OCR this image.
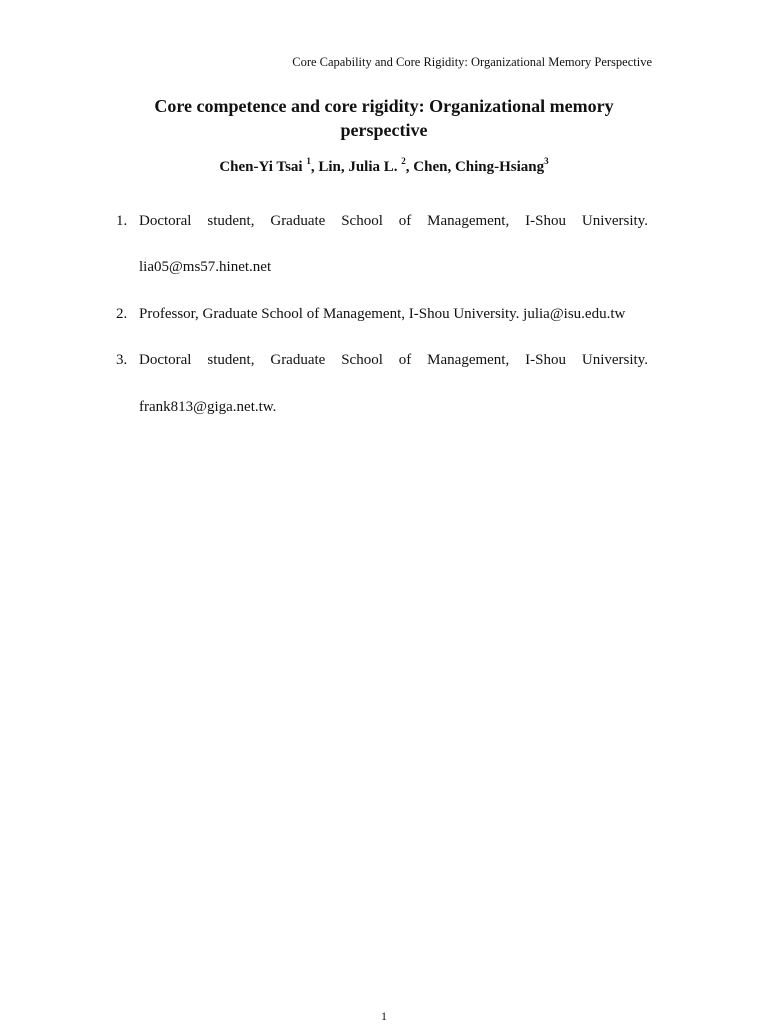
Core Capability and Core Rigidity: Organizational Memory Perspective
Core competence and core rigidity: Organizational memory
perspective
Chen-Yi Tsai $^1$, Lin, Julia L. $^2$, Chen, Ching-Hsiang$^3$
1. Doctoral student, Graduate School of Management, I-Shou University.
lia05@ms57.hinet.net
2. Professor, Graduate School of Management, I-Shou University. julia@isu.edu.tw
3. Doctoral student, Graduate School of Management, I-Shou University.
frank813@giga.net.tw.
1
